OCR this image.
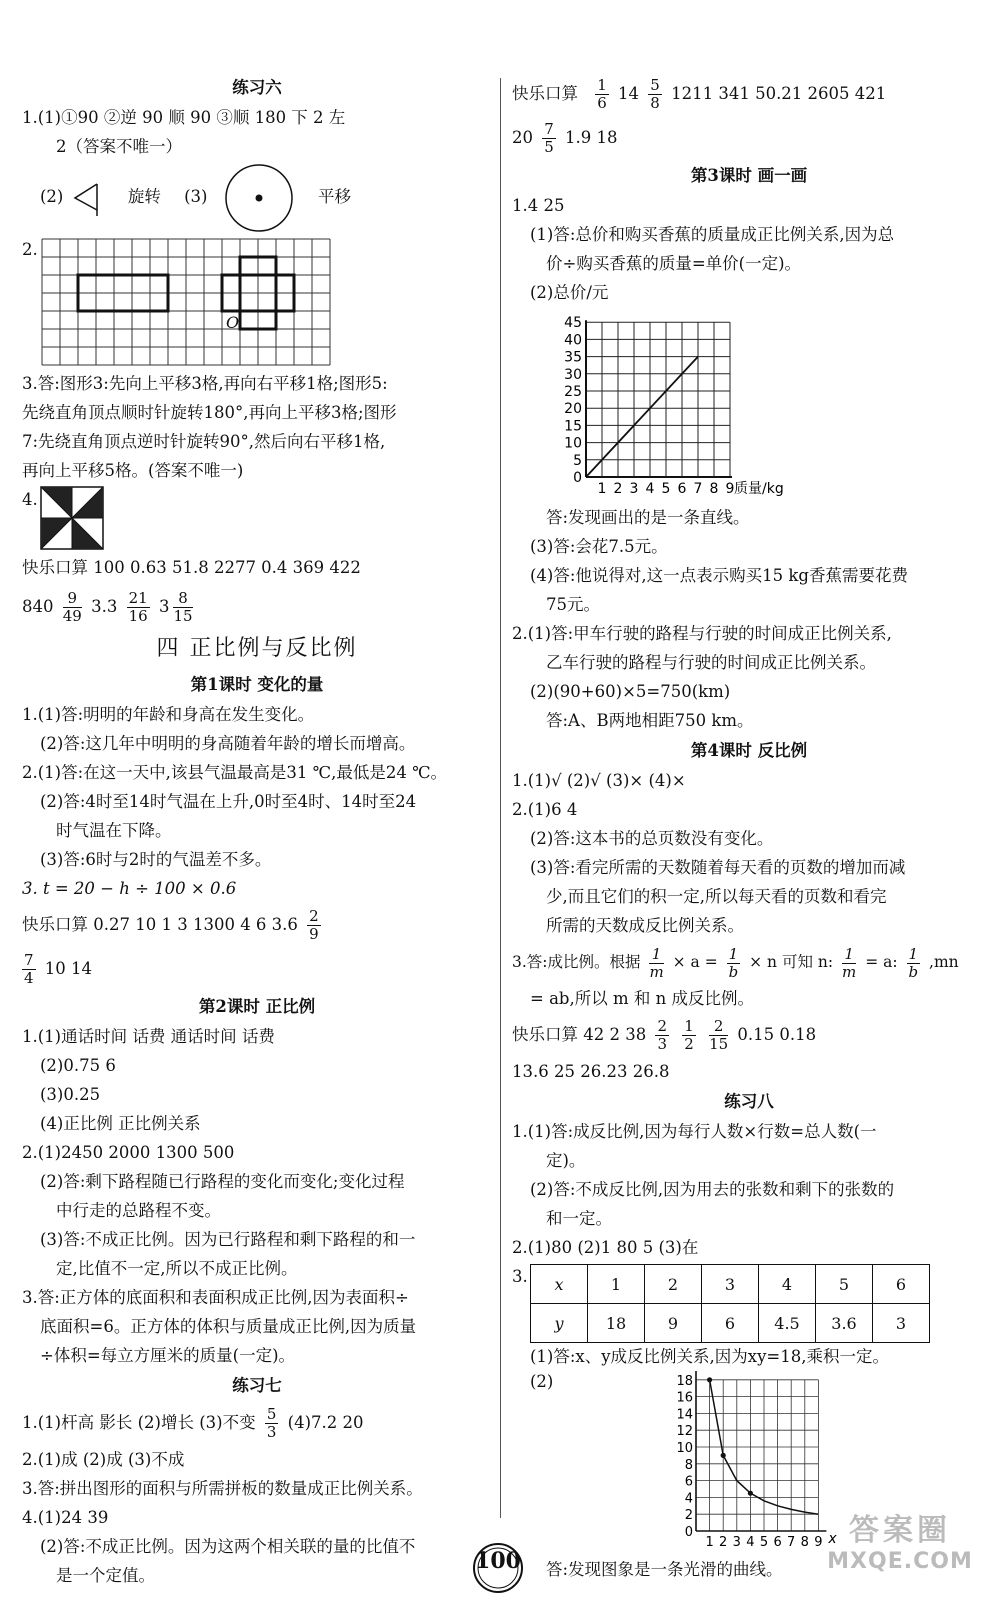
练习六
1.(1)①90 ②逆 90 顺 90 ③顺 180 下 2 左
2（答案不唯一）
(2)	旋转 (3)	平移
2.
O
3.答:图形3:先向上平移3格,再向右平移1格;图形5:
先绕直角顶点顺时针旋转180°,再向上平移3格;图形
7:先绕直角顶点逆时针旋转90°,然后向右平移1格,
再向上平移5格。(答案不唯一)
4.
快乐口算 100 0.63 51.8 2277 0.4 369 422
$840 \frac{9}{49} 3.3 \frac{21}{16} 3 \frac{8}{15}$
四 正比例与反比例
第1课时 变化的量
1.(1)答:明明的年龄和身高在发生变化。
(2)答:这几年中明明的身高随着年龄的增长而增高。
2.(1)答:在这一天中,该县气温最高是31 ℃,最低是24 ℃。
(2)答:4时至14时气温在上升,0时至4时、14时至24
时气温在下降。
(3)答:6时与2时的气温差不多。
3. t = 20 − h ÷ 100 × 0.6
快乐口算 0.27 10 1 3 1300 4 6 $3.6 \frac{2}{9}$
$\frac{7}{4} 10$ 14
第2课时 正比例
1.(1)通话时间 话费 通话时间 话费
(2)0.75 6
(3)0.25
(4)正比例 正比例关系
2.(1)2450 2000 1300 500
(2)答:剩下路程随已行路程的变化而变化;变化过程
中行走的总路程不变。
(3)答:不成正比例。因为已行路程和剩下路程的和一
定,比值不一定,所以不成正比例。
3.答:正方体的底面积和表面积成正比例,因为表面积÷
底面积=6。正方体的体积与质量成正比例,因为质量
÷体积=每立方厘米的质量(一定)。
练习七
1.(1)杆高 影长 (2)增长 (3)不变 $\frac{5}{3} (4)7.2$ 20
2.(1)成 (2)成 (3)不成
3.答:拼出图形的面积与所需拼板的数量成正比例关系。
4.(1)24 39
(2)答:不成正比例。因为这两个相关联的量的比值不
是一个定值。
快乐口算 $\frac{1}{6} 14 \frac{5}{8} 1211$ 341 50.21 2605 421
$20 \frac{7}{5} 1.9$ 18
第3课时 画一画
1.4 25
(1)答:总价和购买香蕉的质量成正比例关系,因为总
价÷购买香蕉的质量=单价(一定)。
(2)总价/元
0
5
10
15
20
25
30
35
40
45
1 2 3 4 5 6 7 8 9 质量/kg
答:发现画出的是一条直线。
(3)答:会花7.5元。
(4)答:他说得对,这一点表示购买15 kg香蕉需要花费
75元。
2.(1)答:甲车行驶的路程与行驶的时间成正比例关系,
乙车行驶的路程与行驶的时间成正比例关系。
(2)(90+60)×5=750(km)
答:A、B两地相距750 km。
第4课时 反比例
1.(1)√ (2)√ (3)× (4)×
2.(1)6 4
(2)答:这本书的总页数没有变化。
(3)答:看完所需的天数随着每天看的页数的增加而减
少,而且它们的积一定,所以每天看的页数和看完
所需的天数成反比例关系。
3.答:成比例。根据 $\frac{1}{m} \times a = \frac{1}{b} \times n$ 可知 n: $\frac{1}{m} = a$: $\frac{1}{b} ,mn$
= ab,所以 m 和 n 成反比例。
快乐口算 42 2 $38 \frac{2}{3}$
$\frac{1}{2}$
$\frac{2}{15} 0.15$ 0.18
13.6 25 26.23 26.8
练习八
1.(1)答:成反比例,因为每行人数×行数=总人数(一
定)。
(2)答:不成反比例,因为用去的张数和剩下的张数的
和一定。
2.(1)80 (2)1 80 5 (3)在
3. x	1	2	3	4	5	6
y	18	9	6	4.5	3.6	3
(1)答:x、y成反比例关系,因为xy=18,乘积一定。
(2)
0
2
4
6
8
10
12
14
16
18
1 2 3 4 5 6 7 8 9 x
答:发现图象是一条光滑的曲线。
100
答案圈
MXQE.COM
